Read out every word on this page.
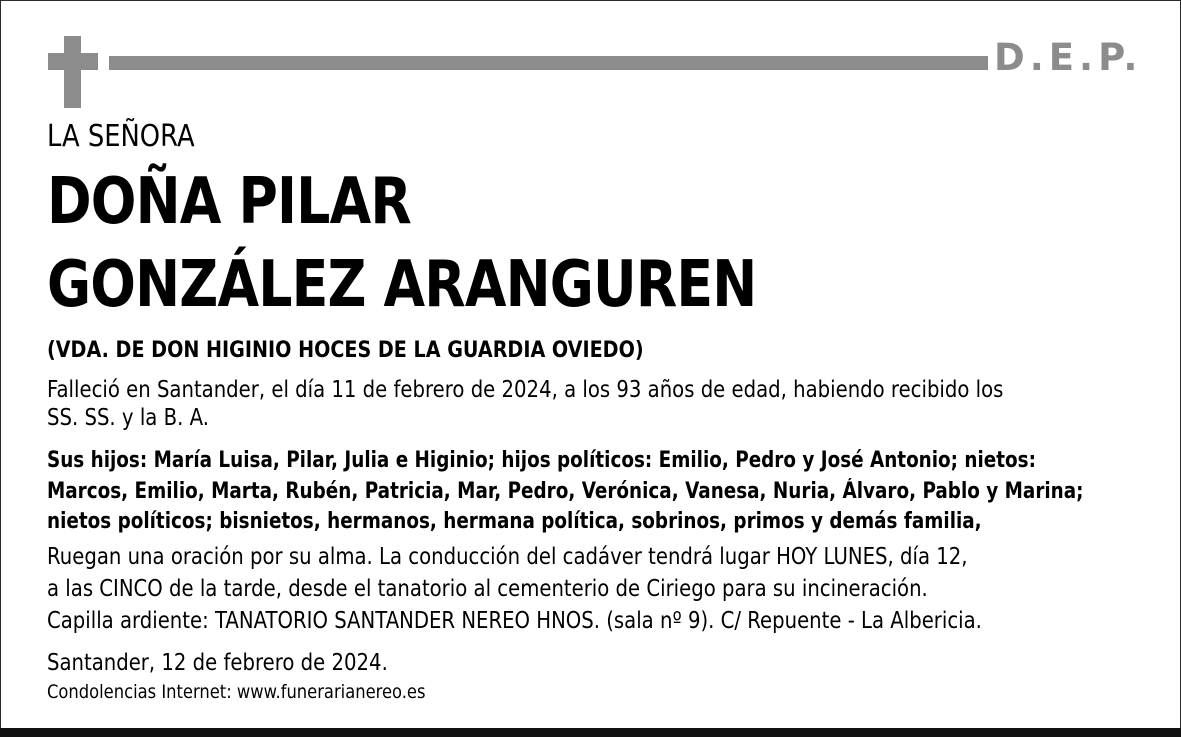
D.E.P.

LA SEÑORA

DOÑA PILAR

GONZÁLEZ ARANGUREN

(VDA. DE DON HIGINIO HOCES DE LA GUARDIA OVIEDO)

Falleció en Santander, el día 11 de febrero de 2024, a los 93 años de edad, habiendo recibido los

SS. SS. y la B. A.

Sus hijos: María Luisa, Pilar, Julia e Higinio; hijos políticos: Emilio, Pedro y José Antonio; nietos:

Marcos, Emilio, Marta, Rubén, Patricia, Mar, Pedro, Verónica, Vanesa, Nuria, Álvaro, Pablo y Marina;

nietos políticos; bisnietos, hermanos, hermana política, sobrinos, primos y demás familia,

Ruegan una oración por su alma. La conducción del cadáver tendrá lugar HOY LUNES, día 12,

a las CINCO de la tarde, desde el tanatorio al cementerio de Ciriego para su incineración.

Capilla ardiente: TANATORIO SANTANDER NEREO HNOS. (sala nº 9). C/ Repuente - La Albericia.

Santander, 12 de febrero de 2024.

Condolencias Internet: www.funerarianereo.es
